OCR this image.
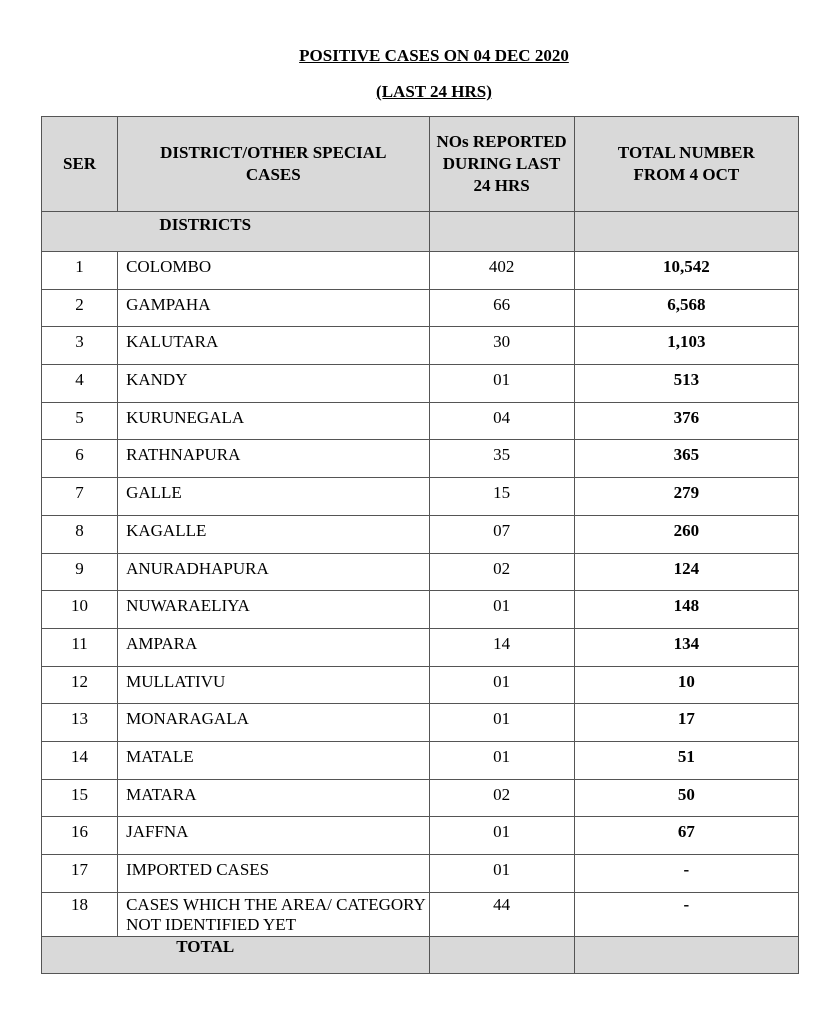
POSITIVE CASES ON 04 DEC 2020
(LAST 24 HRS)
SER	DISTRICT/OTHER SPECIAL CASES	NOs REPORTED DURING LAST 24 HRS	TOTAL NUMBER FROM 4 OCT
DISTRICTS			
1	COLOMBO	402	10,542
2	GAMPAHA	66	6,568
3	KALUTARA	30	1,103
4	KANDY	01	513
5	KURUNEGALA	04	376
6	RATHNAPURA	35	365
7	GALLE	15	279
8	KAGALLE	07	260
9	ANURADHAPURA	02	124
10	NUWARAELIYA	01	148
11	AMPARA	14	134
12	MULLATIVU	01	10
13	MONARAGALA	01	17
14	MATALE	01	51
15	MATARA	02	50
16	JAFFNA	01	67
17	IMPORTED CASES	01	-
18	CASES WHICH THE AREA/ CATEGORY NOT IDENTIFIED YET	44	-
TOTAL			
